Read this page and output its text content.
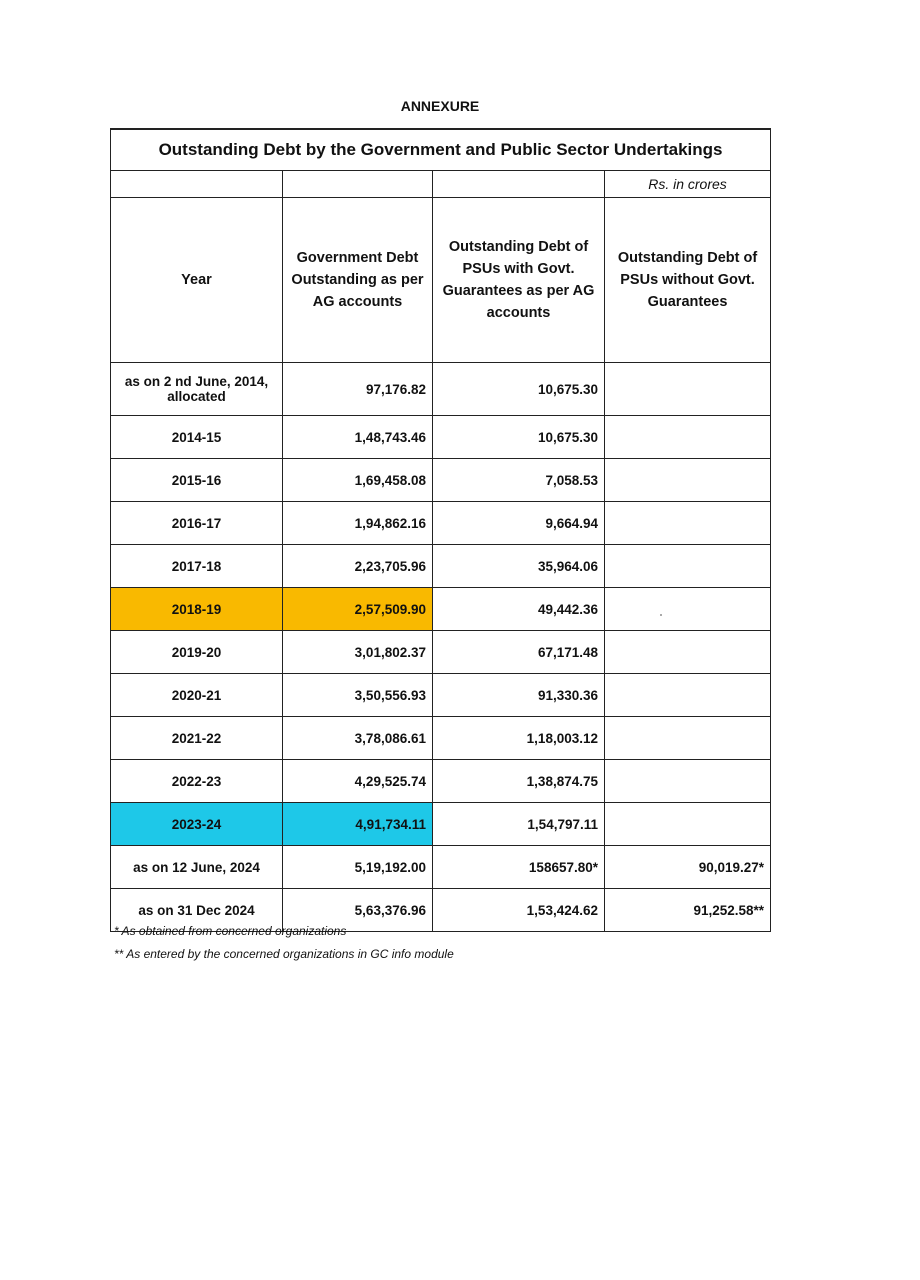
ANNEXURE
Outstanding Debt by the Government and Public Sector Undertakings			
			Rs. in crores
Year	Government Debt Outstanding as per AG accounts	Outstanding Debt of PSUs with Govt. Guarantees as per AG accounts	Outstanding Debt of PSUs without Govt. Guarantees
as on 2 nd June, 2014, allocated	97,176.82	10,675.30	
2014-15	1,48,743.46	10,675.30	
2015-16	1,69,458.08	7,058.53	
2016-17	1,94,862.16	9,664.94	
2017-18	2,23,705.96	35,964.06	
2018-19	2,57,509.90	49,442.36	
2019-20	3,01,802.37	67,171.48	
2020-21	3,50,556.93	91,330.36	
2021-22	3,78,086.61	1,18,003.12	
2022-23	4,29,525.74	1,38,874.75	
2023-24	4,91,734.11	1,54,797.11	
as on 12 June, 2024	5,19,192.00	158657.80*	90,019.27*
as on 31 Dec 2024	5,63,376.96	1,53,424.62	91,252.58**
* As obtained from concerned organizations
** As entered by the concerned organizations in GC info module
